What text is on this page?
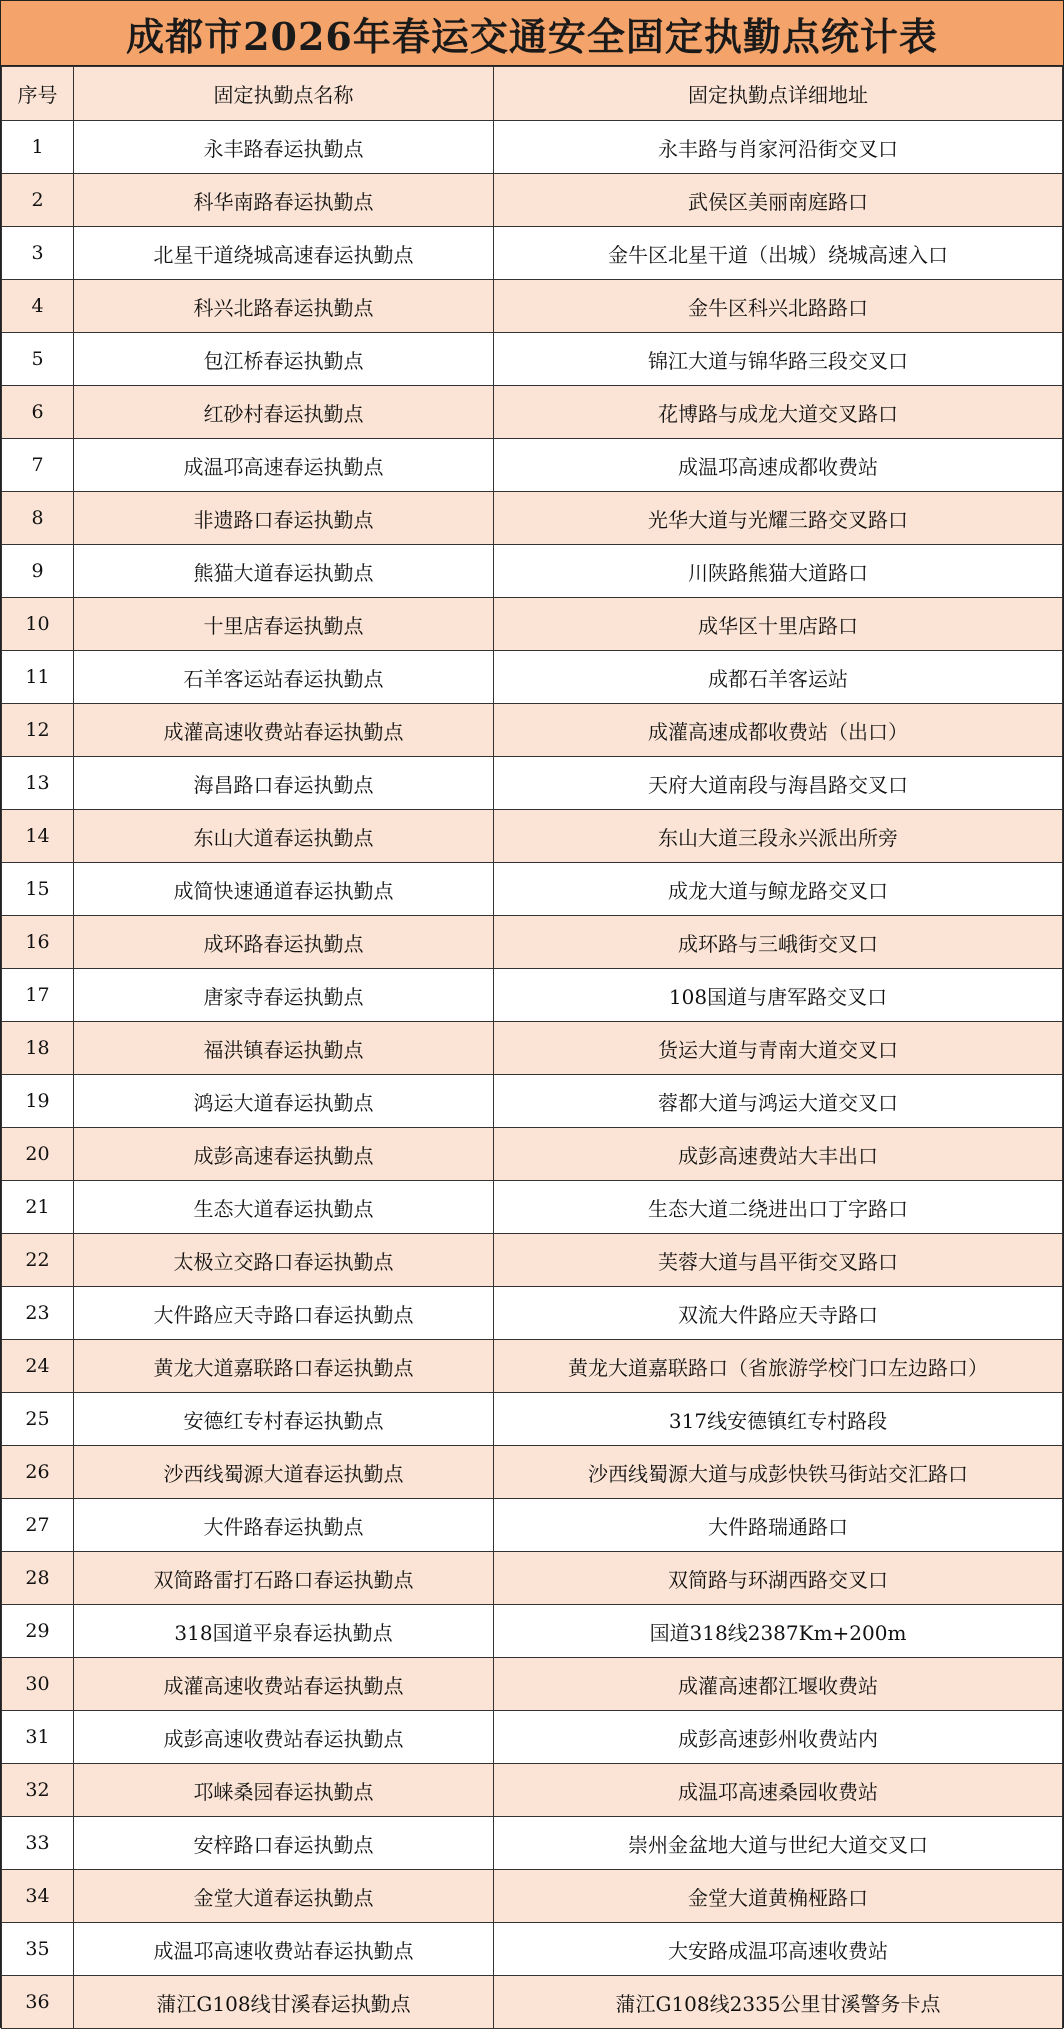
成都市2026年春运交通安全固定执勤点统计表
序号	固定执勤点名称	固定执勤点详细地址
1	永丰路春运执勤点	永丰路与肖家河沿街交叉口
2	科华南路春运执勤点	武侯区美丽南庭路口
3	北星干道绕城高速春运执勤点	金牛区北星干道（出城）绕城高速入口
4	科兴北路春运执勤点	金牛区科兴北路路口
5	包江桥春运执勤点	锦江大道与锦华路三段交叉口
6	红砂村春运执勤点	花博路与成龙大道交叉路口
7	成温邛高速春运执勤点	成温邛高速成都收费站
8	非遗路口春运执勤点	光华大道与光耀三路交叉路口
9	熊猫大道春运执勤点	川陕路熊猫大道路口
10	十里店春运执勤点	成华区十里店路口
11	石羊客运站春运执勤点	成都石羊客运站
12	成灌高速收费站春运执勤点	成灌高速成都收费站（出口）
13	海昌路口春运执勤点	天府大道南段与海昌路交叉口
14	东山大道春运执勤点	东山大道三段永兴派出所旁
15	成简快速通道春运执勤点	成龙大道与鲸龙路交叉口
16	成环路春运执勤点	成环路与三峨街交叉口
17	唐家寺春运执勤点	108国道与唐军路交叉口
18	福洪镇春运执勤点	货运大道与青南大道交叉口
19	鸿运大道春运执勤点	蓉都大道与鸿运大道交叉口
20	成彭高速春运执勤点	成彭高速费站大丰出口
21	生态大道春运执勤点	生态大道二绕进出口丁字路口
22	太极立交路口春运执勤点	芙蓉大道与昌平街交叉路口
23	大件路应天寺路口春运执勤点	双流大件路应天寺路口
24	黄龙大道嘉联路口春运执勤点	黄龙大道嘉联路口（省旅游学校门口左边路口）
25	安德红专村春运执勤点	317线安德镇红专村路段
26	沙西线蜀源大道春运执勤点	沙西线蜀源大道与成彭快铁马街站交汇路口
27	大件路春运执勤点	大件路瑞通路口
28	双简路雷打石路口春运执勤点	双简路与环湖西路交叉口
29	318国道平泉春运执勤点	国道318线2387Km+200m
30	成灌高速收费站春运执勤点	成灌高速都江堰收费站
31	成彭高速收费站春运执勤点	成彭高速彭州收费站内
32	邛崃桑园春运执勤点	成温邛高速桑园收费站
33	安梓路口春运执勤点	崇州金盆地大道与世纪大道交叉口
34	金堂大道春运执勤点	金堂大道黄桷桠路口
35	成温邛高速收费站春运执勤点	大安路成温邛高速收费站
36	蒲江G108线甘溪春运执勤点	蒲江G108线2335公里甘溪警务卡点
